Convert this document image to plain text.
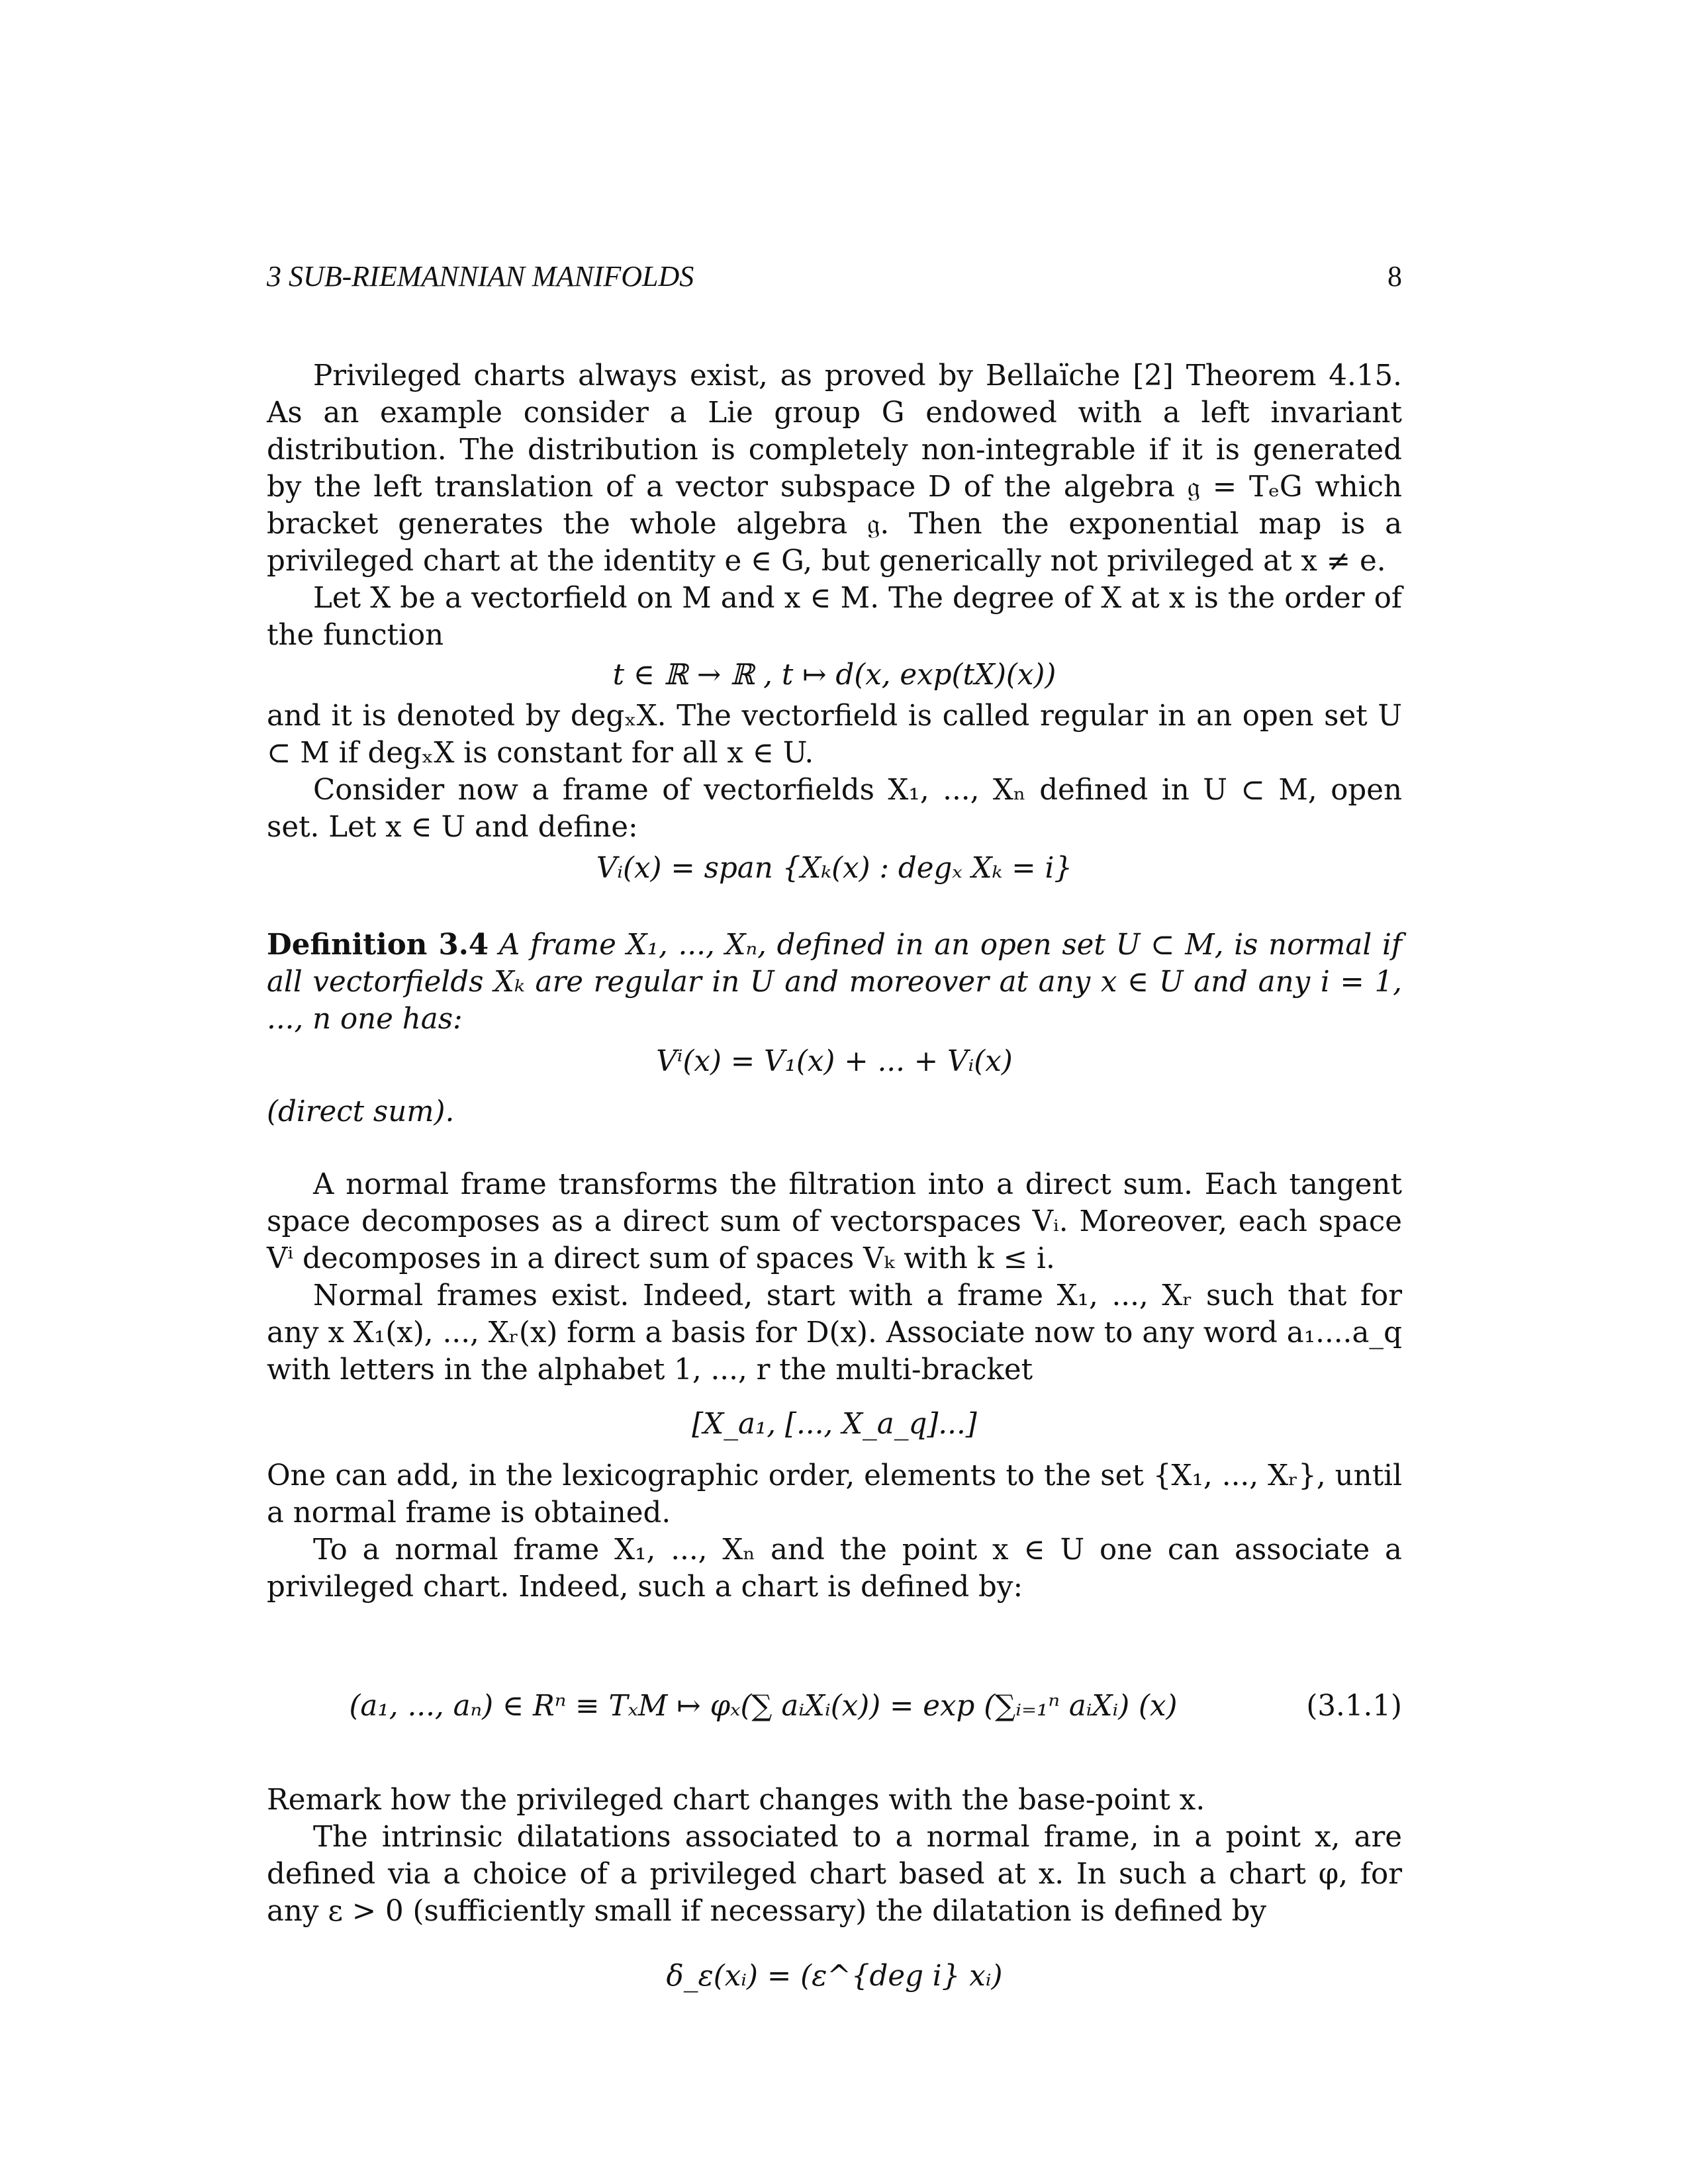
3 SUB-RIEMANNIAN MANIFOLDS	8

Privileged charts always exist, as proved by Bellaïche [2] Theorem 4.15. As an example consider a Lie group G endowed with a left invariant distribution. The distribution is completely non-integrable if it is generated by the left translation of a vector subspace D of the algebra 𝔤 = TₑG which bracket generates the whole algebra 𝔤. Then the exponential map is a privileged chart at the identity e ∈ G, but generically not privileged at x ≠ e.

Let X be a vectorfield on M and x ∈ M. The degree of X at x is the order of the function

t ∈ ℝ → ℝ , t ↦ d(x, exp(tX)(x))

and it is denoted by degₓX. The vectorfield is called regular in an open set U ⊂ M if degₓX is constant for all x ∈ U.

Consider now a frame of vectorfields X₁, ..., Xₙ defined in U ⊂ M, open set. Let x ∈ U and define:

Vᵢ(x) = span {Xₖ(x) : degₓ Xₖ = i}

Definition 3.4 A frame X₁, ..., Xₙ, defined in an open set U ⊂ M, is normal if all vectorfields Xₖ are regular in U and moreover at any x ∈ U and any i = 1, ..., n one has:

Vⁱ(x) = V₁(x) + ... + Vᵢ(x)

(direct sum).

A normal frame transforms the filtration into a direct sum. Each tangent space decomposes as a direct sum of vectorspaces Vᵢ. Moreover, each space Vⁱ decomposes in a direct sum of spaces Vₖ with k ≤ i.

Normal frames exist. Indeed, start with a frame X₁, ..., Xᵣ such that for any x X₁(x), ..., Xᵣ(x) form a basis for D(x). Associate now to any word a₁....a_q with letters in the alphabet 1, ..., r the multi-bracket

[X_a₁, [..., X_a_q]...]

One can add, in the lexicographic order, elements to the set {X₁, ..., Xᵣ}, until a normal frame is obtained.

To a normal frame X₁, ..., Xₙ and the point x ∈ U one can associate a privileged chart. Indeed, such a chart is defined by:

(a₁, ..., aₙ) ∈ Rⁿ ≡ TₓM ↦ φₓ(∑ aᵢXᵢ(x)) = exp (∑ᵢ₌₁ⁿ aᵢXᵢ) (x)	(3.1.1)

Remark how the privileged chart changes with the base-point x.

The intrinsic dilatations associated to a normal frame, in a point x, are defined via a choice of a privileged chart based at x. In such a chart φ, for any ε > 0 (sufficiently small if necessary) the dilatation is defined by

δ_ε(xᵢ) = (ε^{deg i} xᵢ)
